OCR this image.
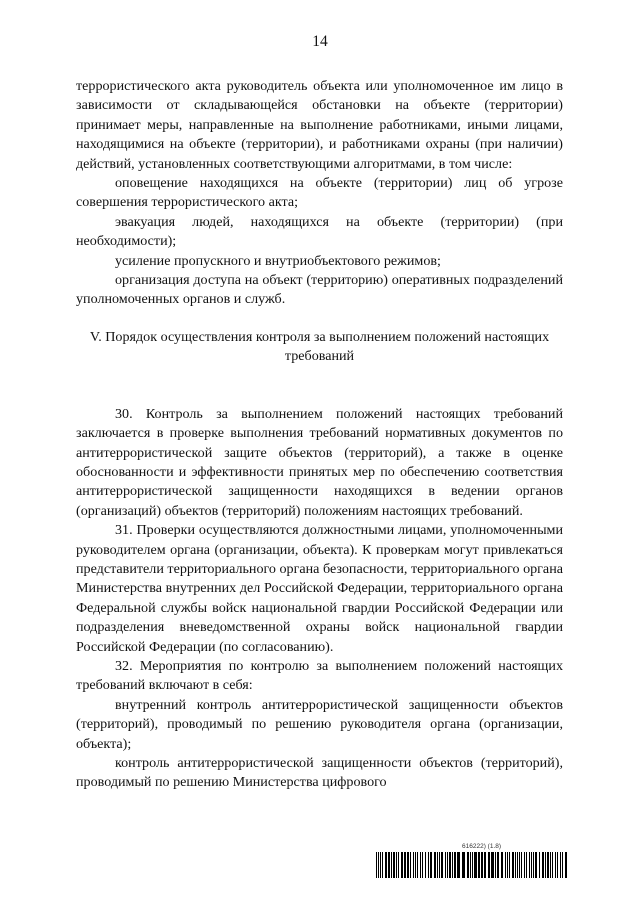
14

террористического акта руководитель объекта или уполномоченное им лицо в зависимости от складывающейся обстановки на объекте (территории) принимает меры, направленные на выполнение работниками, иными лицами, находящимися на объекте (территории), и работниками охраны (при наличии) действий, установленных соответствующими алгоритмами, в том числе:

оповещение находящихся на объекте (территории) лиц об угрозе совершения террористического акта;

эвакуация людей, находящихся на объекте (территории) (при необходимости);

усиление пропускного и внутриобъектового режимов;

организация доступа на объект (территорию) оперативных подразделений уполномоченных органов и служб.

V. Порядок осуществления контроля за выполнением положений настоящих требований

30. Контроль за выполнением положений настоящих требований заключается в проверке выполнения требований нормативных документов по антитеррористической защите объектов (территорий), а также в оценке обоснованности и эффективности принятых мер по обеспечению соответствия антитеррористической защищенности находящихся в ведении органов (организаций) объектов (территорий) положениям настоящих требований.

31. Проверки осуществляются должностными лицами, уполномоченными руководителем органа (организации, объекта). К проверкам могут привлекаться представители территориального органа безопасности, территориального органа Министерства внутренних дел Российской Федерации, территориального органа Федеральной службы войск национальной гвардии Российской Федерации или подразделения вневедомственной охраны войск национальной гвардии Российской Федерации (по согласованию).

32. Мероприятия по контролю за выполнением положений настоящих требований включают в себя:

внутренний контроль антитеррористической защищенности объектов (территорий), проводимый по решению руководителя органа (организации, объекта);

контроль антитеррористической защищенности объектов (территорий), проводимый по решению Министерства цифрового

616222) (1.8)
